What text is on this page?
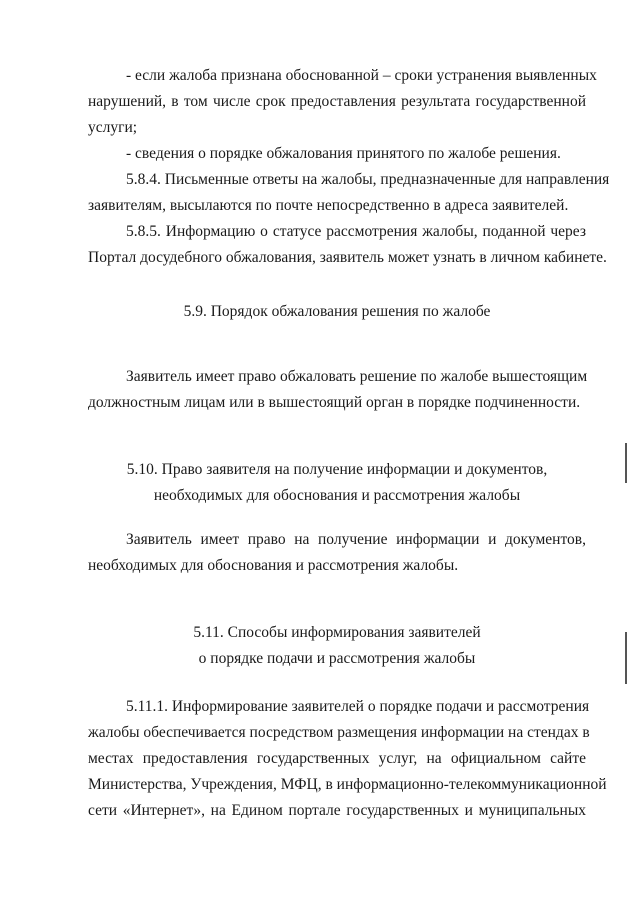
- если жалоба признана обоснованной – сроки устранения выявленных
нарушений, в том числе срок предоставления результата государственной
услуги;
- сведения о порядке обжалования принятого по жалобе решения.
5.8.4. Письменные ответы на жалобы, предназначенные для направления
заявителям, высылаются по почте непосредственно в адреса заявителей.
5.8.5. Информацию о статусе рассмотрения жалобы, поданной через
Портал досудебного обжалования, заявитель может узнать в личном кабинете.
5.9. Порядок обжалования решения по жалобе
Заявитель имеет право обжаловать решение по жалобе вышестоящим
должностным лицам или в вышестоящий орган в порядке подчиненности.
5.10. Право заявителя на получение информации и документов,
необходимых для обоснования и рассмотрения жалобы
Заявитель имеет право на получение информации и документов,
необходимых для обоснования и рассмотрения жалобы.
5.11. Способы информирования заявителей
о порядке подачи и рассмотрения жалобы
5.11.1. Информирование заявителей о порядке подачи и рассмотрения
жалобы обеспечивается посредством размещения информации на стендах в
местах предоставления государственных услуг, на официальном сайте
Министерства, Учреждения, МФЦ, в информационно-телекоммуникационной
сети «Интернет», на Едином портале государственных и муниципальных
